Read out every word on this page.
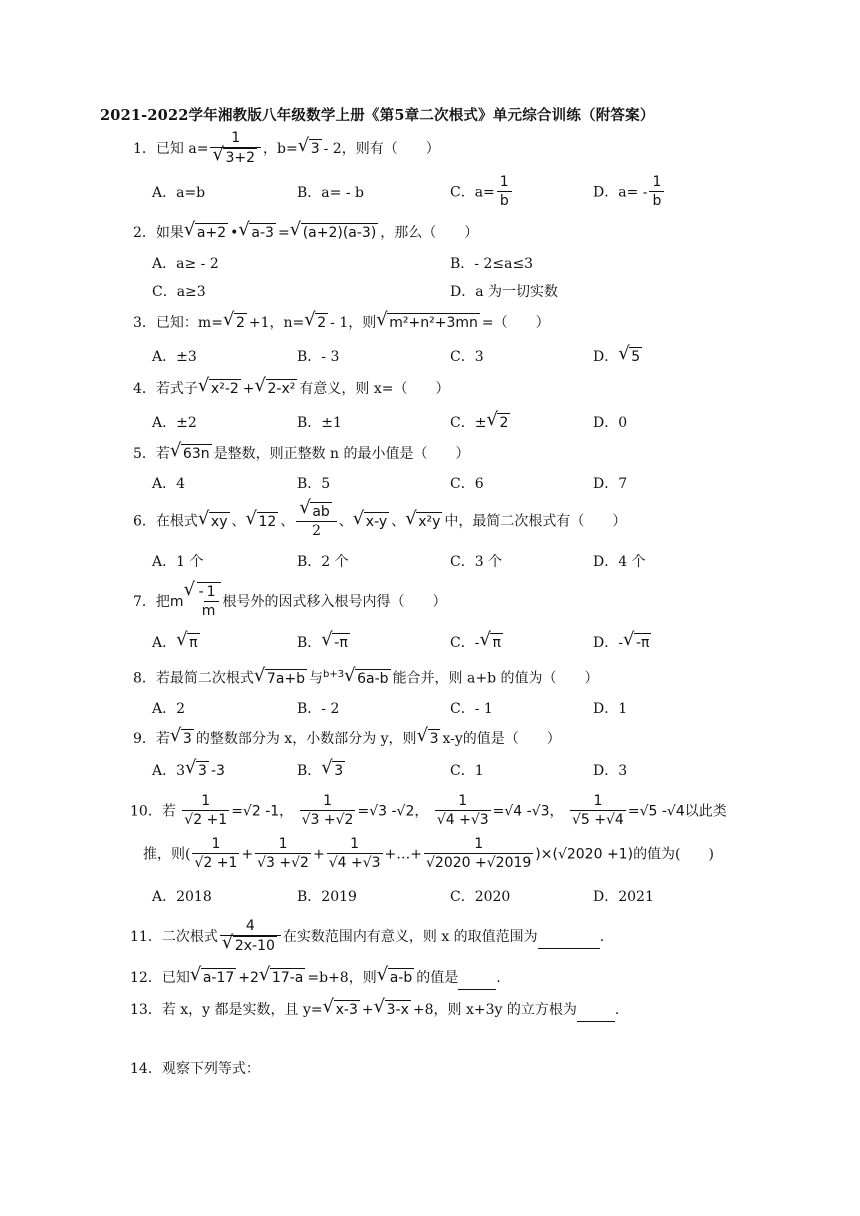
2021-2022学年湘教版八年级数学上册《第5章二次根式》单元综合训练（附答案）
1．已知 a= 1
√ 3+2 ，b= √ 3 - 2，则有（　　）
A．a=b	B．a= - b	C．$a= \frac{1}{b}$	D．$a= - \frac{1}{b}$
2．如果 √ a+2 • √ a-3 = √ (a+2)(a-3) ，那么（　　）
A．a≥ - 2	B．- 2≤a≤3
C．a≥3	D．a 为一切实数
3．已知：m= √ 2 +1，n= √ 2 - 1，则 √ m²+n²+3mn =（　　）
A．±3	B．- 3	C．3	D． √ 5
4．若式子 √ x²-2 + √ 2-x² 有意义，则 x=（　　）
A．±2	B．±1	C．± √ 2	D．0
5．若 √ 63n 是整数，则正整数 n 的最小值是（　　）
A．4	B．5	C．6	D．7
6．在根式 √ xy 、 √ 12 、 √ $\frac{ab}{2}$ 、 √ x-y 、 √ x²y 中，最简二次根式有（　　）
A．1 个	B．2 个	C．3 个	D．4 个
7．把m√ - 1
m
根号外的因式移入根号内得（　　）
A． √ π	B． √ -π	C．- √ π	D．- √ -π
8．若最简二次根式 √ 7a+b 与$^{b+3}$ √ 6a-b 能合并，则 a+b 的值为（　　）
A．2	B．- 2	C．- 1	D．1
9．若 √ 3 的整数部分为 x，小数部分为 y，则 √ 3 x-y的值是（　　）
A．3 √ 3 -3	B． √ 3	C．1	D．3
10．若 $\frac{1}{√2 +1} =√2$ -1， $\frac{1}{√3 +√2} =√3$ -√2， $\frac{1}{√4 +√3} =√4$ -√3， $\frac{1}{√5 +√4} =√5$ -√4以此类
推，则( $\frac{1}{√2 +1} + \frac{1}{√3 +√2} + \frac{1}{√4 +√3}$ +…+ $\frac{1}{√2020 +√2019} )\times(√2020 +1)$的值为(　　)
A．2018	B．2019	C．2020	D．2021
11．二次根式 4
√ 2x-10 在实数范围内有意义，则 x 的取值范围为	.
12．已知 √ a-17 +2 √ 17-a =b+8，则 √ a-b 的值是	.
13．若 x，y 都是实数，且 y= √ x-3 + √ 3-x +8，则 x+3y 的立方根为	.
14．观察下列等式：
